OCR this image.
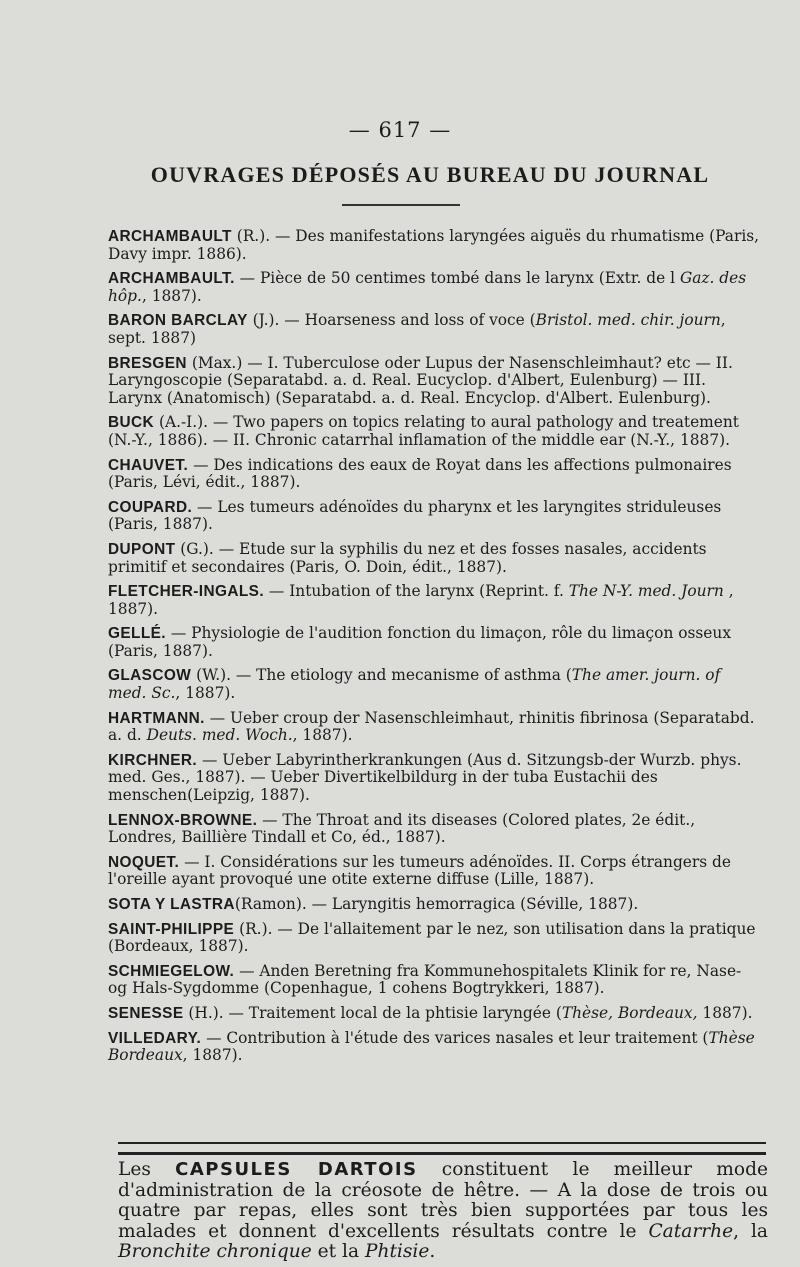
— 617 —
OUVRAGES DÉPOSÉS AU BUREAU DU JOURNAL
ARCHAMBAULT (R.). — Des manifestations laryngées aiguës du rhumatisme (Paris, Davy impr. 1886).
ARCHAMBAULT. — Pièce de 50 centimes tombé dans le larynx (Extr. de l Gaz. des hôp., 1887).
BARON BARCLAY (J.). — Hoarseness and loss of voce (Bristol. med. chir. journ, sept. 1887)
BRESGEN (Max.) — I. Tuberculose oder Lupus der Nasenschleimhaut? etc — II. Laryngoscopie (Separatabd. a. d. Real. Eucyclop. d'Albert, Eulenburg) — III. Larynx (Anatomisch) (Separatabd. a. d. Real. Encyclop. d'Albert. Eulenburg).
BUCK (A.-I.). — Two papers on topics relating to aural pathology and treatement (N.-Y., 1886). — II. Chronic catarrhal inflamation of the middle ear (N.-Y., 1887).
CHAUVET. — Des indications des eaux de Royat dans les affections pulmonaires (Paris, Lévi, édit., 1887).
COUPARD. — Les tumeurs adénoïdes du pharynx et les laryngites striduleuses (Paris, 1887).
DUPONT (G.). — Etude sur la syphilis du nez et des fosses nasales, accidents primitif et secondaires (Paris, O. Doin, édit., 1887).
FLETCHER-INGALS. — Intubation of the larynx (Reprint. f. The N-Y. med. Journ , 1887).
GELLÉ. — Physiologie de l'audition fonction du limaçon, rôle du limaçon osseux (Paris, 1887).
GLASCOW (W.). — The etiology and mecanisme of asthma (The amer. journ. of med. Sc., 1887).
HARTMANN. — Ueber croup der Nasenschleimhaut, rhinitis fibrinosa (Separatabd. a. d. Deuts. med. Woch., 1887).
KIRCHNER. — Ueber Labyrintherkrankungen (Aus d. Sitzungsb-der Wurzb. phys. med. Ges., 1887). — Ueber Divertikelbildurg in der tuba Eustachii des menschen(Leipzig, 1887).
LENNOX-BROWNE. — The Throat and its diseases (Colored plates, 2e édit., Londres, Baillière Tindall et Co, éd., 1887).
NOQUET. — I. Considérations sur les tumeurs adénoïdes. II. Corps étrangers de l'oreille ayant provoqué une otite externe diffuse (Lille, 1887).
SOTA Y LASTRA(Ramon). — Laryngitis hemorragica (Séville, 1887).
SAINT-PHILIPPE (R.). — De l'allaitement par le nez, son utilisation dans la pratique (Bordeaux, 1887).
SCHMIEGELOW. — Anden Beretning fra Kommunehospitalets Klinik for re, Nase-og Hals-Sygdomme (Copenhague, 1 cohens Bogtrykkeri, 1887).
SENESSE (H.). — Traitement local de la phtisie laryngée (Thèse, Bordeaux, 1887).
VILLEDARY. — Contribution à l'étude des varices nasales et leur traitement (Thèse Bordeaux, 1887).
Les CAPSULES DARTOIS constituent le meilleur mode d'administration de la créosote de hêtre. — A la dose de trois ou quatre par repas, elles sont très bien supportées par tous les malades et donnent d'excellents résultats contre le Catarrhe, la Bronchite chronique et la Phtisie.
